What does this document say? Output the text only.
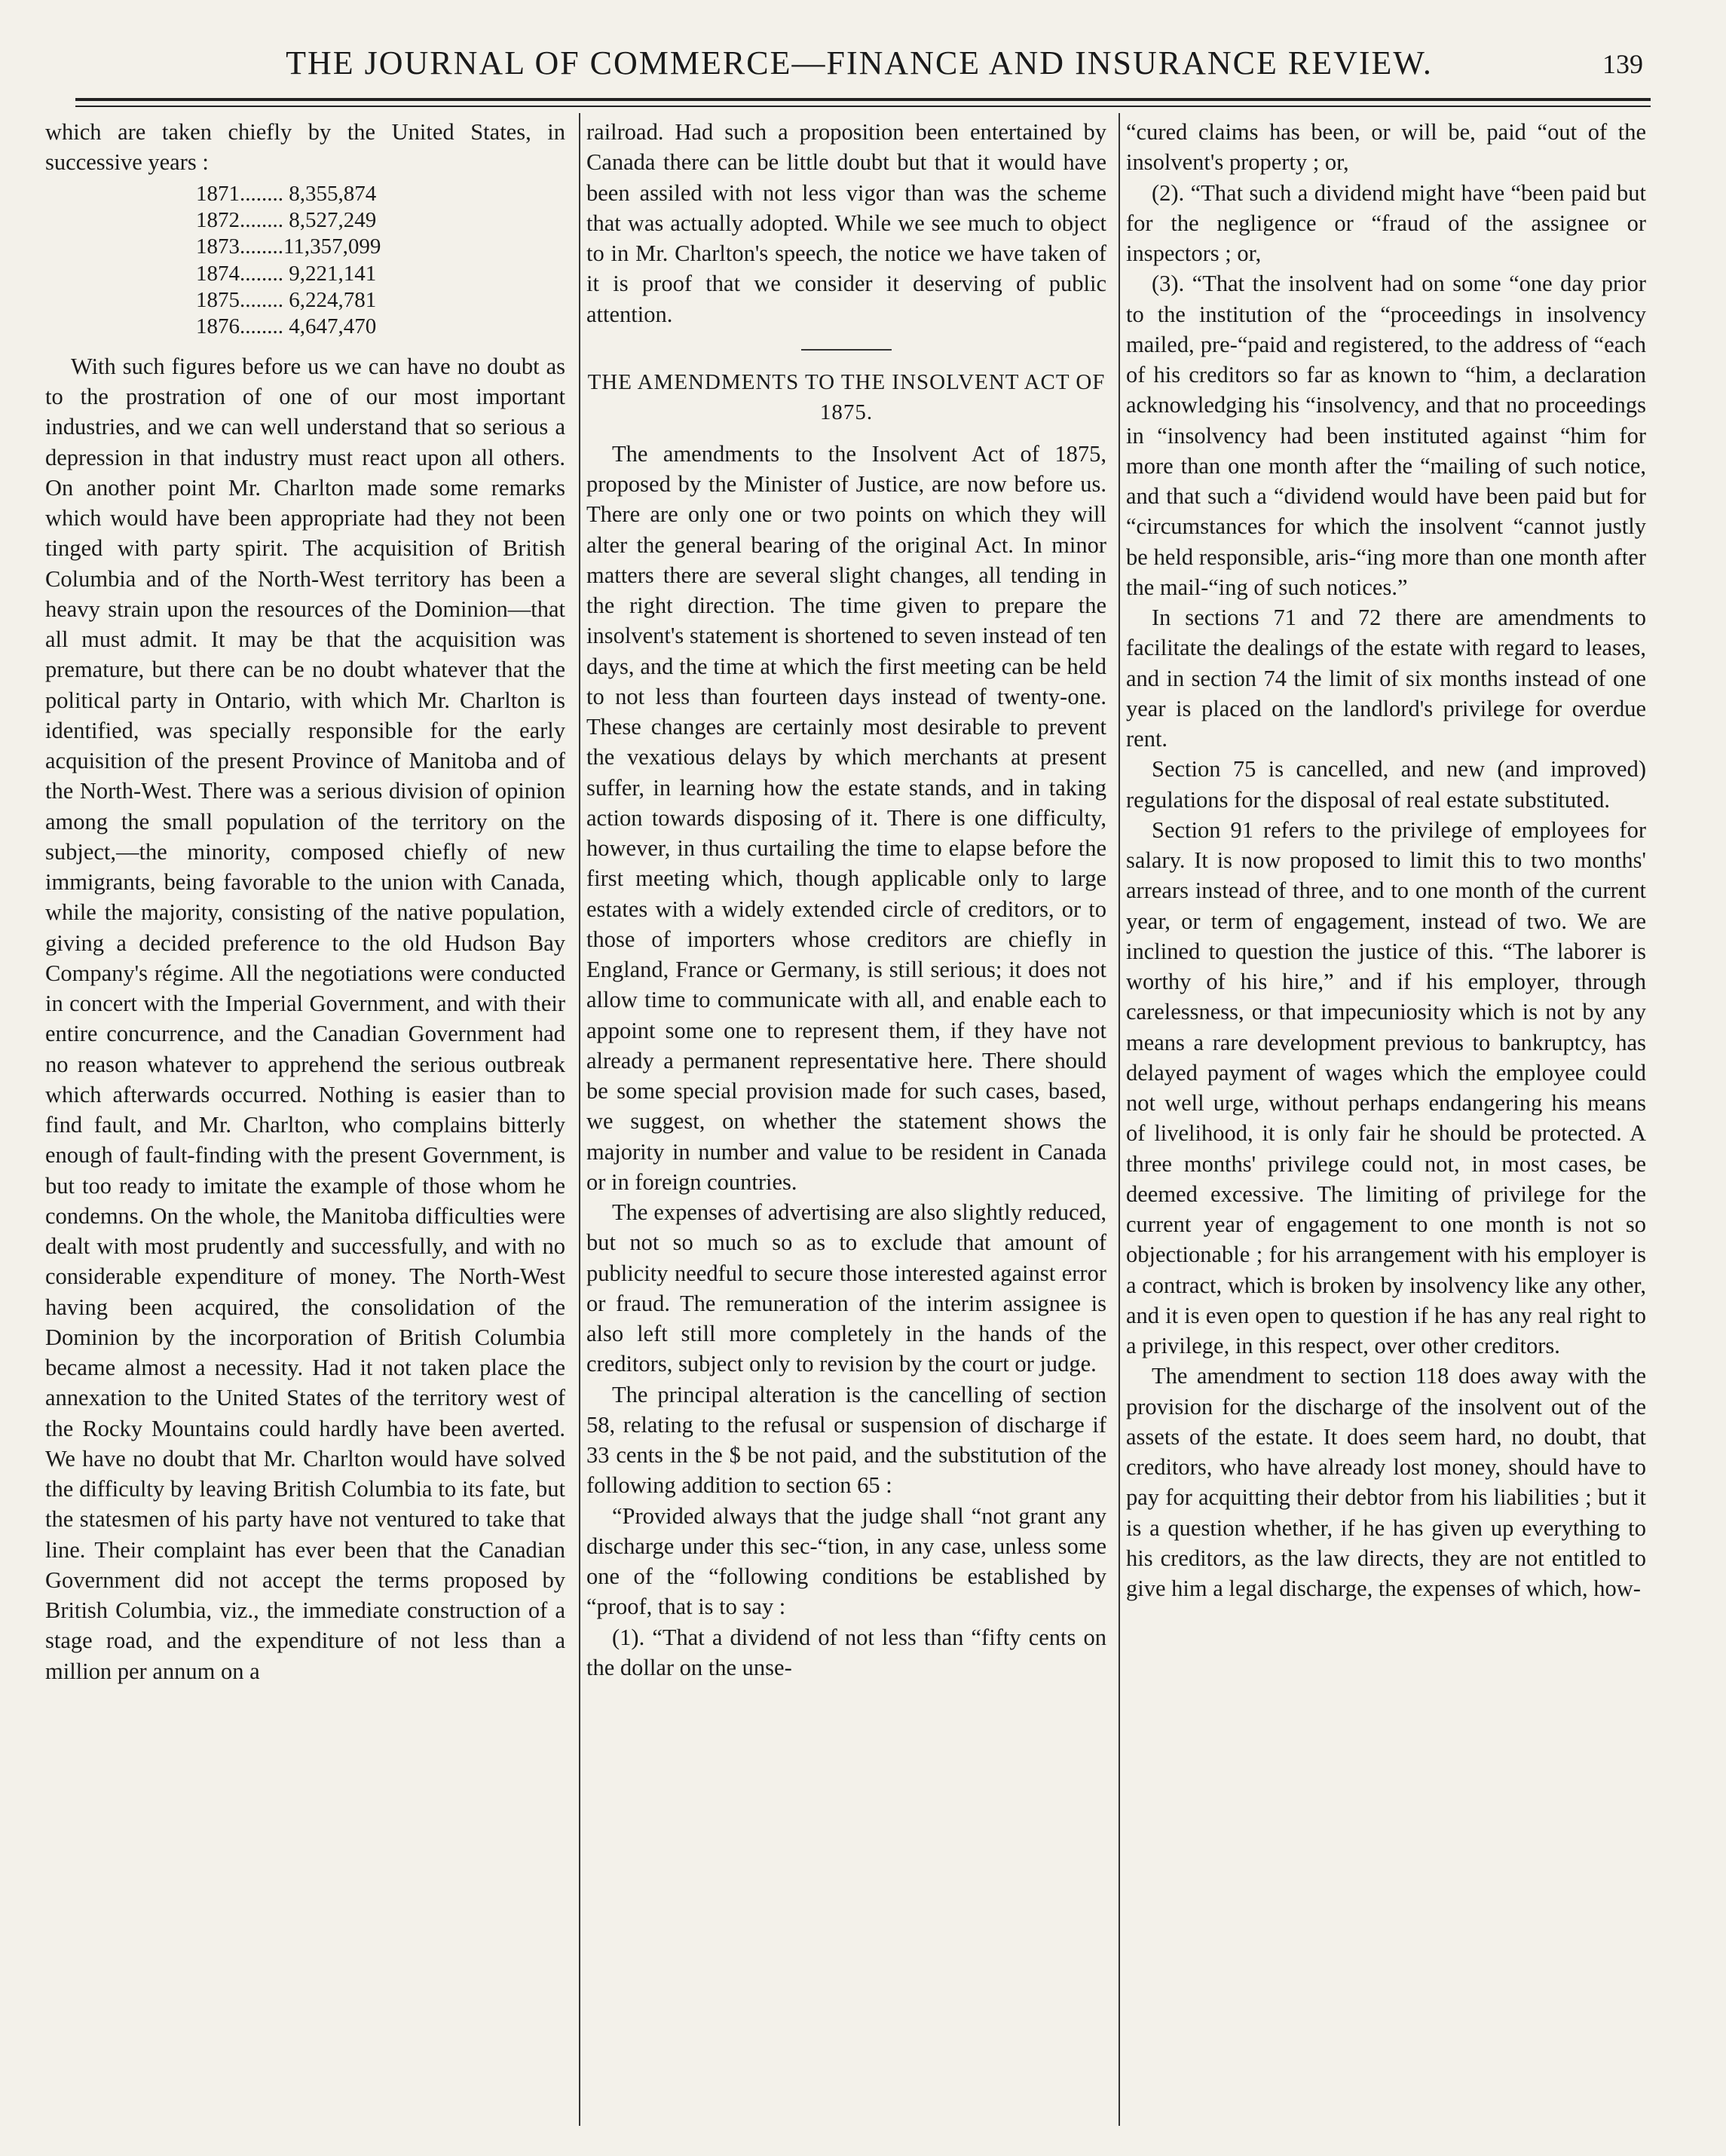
THE JOURNAL OF COMMERCE—FINANCE AND INSURANCE REVIEW.	139

which are taken chiefly by the United States, in successive years :

1871........ 8,355,874
1872........ 8,527,249
1873........11,357,099
1874........ 9,221,141
1875........ 6,224,781
1876........ 4,647,470

With such figures before us we can have no doubt as to the prostration of one of our most important industries, and we can well understand that so serious a depression in that industry must react upon all others. On another point Mr. Charlton made some remarks which would have been appropriate had they not been tinged with party spirit. The acquisition of British Columbia and of the North-West territory has been a heavy strain upon the resources of the Dominion—that all must admit. It may be that the acquisition was premature, but there can be no doubt whatever that the political party in Ontario, with which Mr. Charlton is identified, was specially responsible for the early acquisition of the present Province of Manitoba and of the North-West. There was a serious division of opinion among the small population of the territory on the subject,—the minority, composed chiefly of new immigrants, being favorable to the union with Canada, while the majority, consisting of the native population, giving a decided preference to the old Hudson Bay Company's régime. All the negotiations were conducted in concert with the Imperial Government, and with their entire concurrence, and the Canadian Government had no reason whatever to apprehend the serious outbreak which afterwards occurred. Nothing is easier than to find fault, and Mr. Charlton, who complains bitterly enough of fault-finding with the present Government, is but too ready to imitate the example of those whom he condemns. On the whole, the Manitoba difficulties were dealt with most prudently and successfully, and with no considerable expenditure of money. The North-West having been acquired, the consolidation of the Dominion by the incorporation of British Columbia became almost a necessity. Had it not taken place the annexation to the United States of the territory west of the Rocky Mountains could hardly have been averted. We have no doubt that Mr. Charlton would have solved the difficulty by leaving British Columbia to its fate, but the statesmen of his party have not ventured to take that line. Their complaint has ever been that the Canadian Government did not accept the terms proposed by British Columbia, viz., the immediate construction of a stage road, and the expenditure of not less than a million per annum on a

railroad. Had such a proposition been entertained by Canada there can be little doubt but that it would have been assiled with not less vigor than was the scheme that was actually adopted. While we see much to object to in Mr. Charlton's speech, the notice we have taken of it is proof that we consider it deserving of public attention.

THE AMENDMENTS TO THE INSOLVENT ACT OF 1875.

The amendments to the Insolvent Act of 1875, proposed by the Minister of Justice, are now before us. There are only one or two points on which they will alter the general bearing of the original Act. In minor matters there are several slight changes, all tending in the right direction. The time given to prepare the insolvent's statement is shortened to seven instead of ten days, and the time at which the first meeting can be held to not less than fourteen days instead of twenty-one. These changes are certainly most desirable to prevent the vexatious delays by which merchants at present suffer, in learning how the estate stands, and in taking action towards disposing of it. There is one difficulty, however, in thus curtailing the time to elapse before the first meeting which, though applicable only to large estates with a widely extended circle of creditors, or to those of importers whose creditors are chiefly in England, France or Germany, is still serious; it does not allow time to communicate with all, and enable each to appoint some one to represent them, if they have not already a permanent representative here. There should be some special provision made for such cases, based, we suggest, on whether the statement shows the majority in number and value to be resident in Canada or in foreign countries.

The expenses of advertising are also slightly reduced, but not so much so as to exclude that amount of publicity needful to secure those interested against error or fraud. The remuneration of the interim assignee is also left still more completely in the hands of the creditors, subject only to revision by the court or judge.

The principal alteration is the cancelling of section 58, relating to the refusal or suspension of discharge if 33 cents in the $ be not paid, and the substitution of the following addition to section 65 :

“Provided always that the judge shall “not grant any discharge under this sec-“tion, in any case, unless some one of the “following conditions be established by “proof, that is to say :

(1). “That a dividend of not less than “fifty cents on the dollar on the unse-

“cured claims has been, or will be, paid “out of the insolvent's property ; or,

(2). “That such a dividend might have “been paid but for the negligence or “fraud of the assignee or inspectors ; or,

(3). “That the insolvent had on some “one day prior to the institution of the “proceedings in insolvency mailed, pre-“paid and registered, to the address of “each of his creditors so far as known to “him, a declaration acknowledging his “insolvency, and that no proceedings in “insolvency had been instituted against “him for more than one month after the “mailing of such notice, and that such a “dividend would have been paid but for “circumstances for which the insolvent “cannot justly be held responsible, aris-“ing more than one month after the mail-“ing of such notices.”

In sections 71 and 72 there are amendments to facilitate the dealings of the estate with regard to leases, and in section 74 the limit of six months instead of one year is placed on the landlord's privilege for overdue rent.

Section 75 is cancelled, and new (and improved) regulations for the disposal of real estate substituted.

Section 91 refers to the privilege of employees for salary. It is now proposed to limit this to two months' arrears instead of three, and to one month of the current year, or term of engagement, instead of two. We are inclined to question the justice of this. “The laborer is worthy of his hire,” and if his employer, through carelessness, or that impecuniosity which is not by any means a rare development previous to bankruptcy, has delayed payment of wages which the employee could not well urge, without perhaps endangering his means of livelihood, it is only fair he should be protected. A three months' privilege could not, in most cases, be deemed excessive. The limiting of privilege for the current year of engagement to one month is not so objectionable ; for his arrangement with his employer is a contract, which is broken by insolvency like any other, and it is even open to question if he has any real right to a privilege, in this respect, over other creditors.

The amendment to section 118 does away with the provision for the discharge of the insolvent out of the assets of the estate. It does seem hard, no doubt, that creditors, who have already lost money, should have to pay for acquitting their debtor from his liabilities ; but it is a question whether, if he has given up everything to his creditors, as the law directs, they are not entitled to give him a legal discharge, the expenses of which, how-
